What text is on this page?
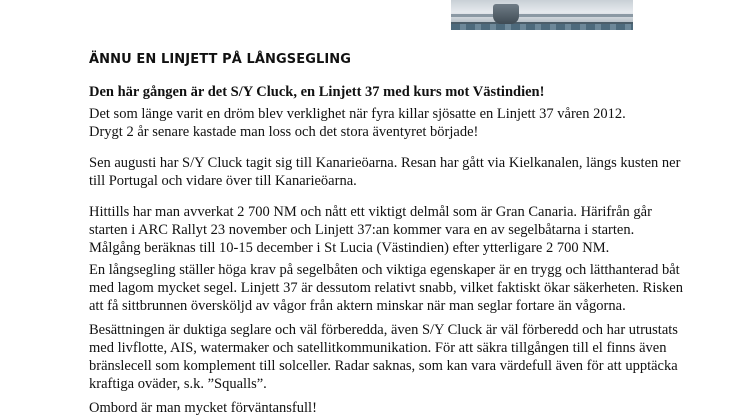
ÄNNU EN LINJETT PÅ LÅNGSEGLING

Den här gången är det S/Y Cluck, en Linjett 37 med kurs mot Västindien!

Det som länge varit en dröm blev verklighet när fyra killar sjösatte en Linjett 37 våren 2012.
Drygt 2 år senare kastade man loss och det stora äventyret började!

Sen augusti har S/Y Cluck tagit sig till Kanarieöarna. Resan har gått via Kielkanalen, längs kusten ner
till Portugal och vidare över till Kanarieöarna.

Hittills har man avverkat 2 700 NM och nått ett viktigt delmål som är Gran Canaria. Härifrån går
starten i ARC Rallyt 23 november och Linjett 37:an kommer vara en av segelbåtarna i starten.
Målgång beräknas till 10-15 december i St Lucia (Västindien) efter ytterligare 2 700 NM.

En långsegling ställer höga krav på segelbåten och viktiga egenskaper är en trygg och lätthanterad båt
med lagom mycket segel. Linjett 37 är dessutom relativt snabb, vilket faktiskt ökar säkerheten. Risken
att få sittbrunnen översköljd av vågor från aktern minskar när man seglar fortare än vågorna.

Besättningen är duktiga seglare och väl förberedda, även S/Y Cluck är väl förberedd och har utrustats
med livflotte, AIS, watermaker och satellitkommunikation. För att säkra tillgången till el finns även
bränslecell som komplement till solceller. Radar saknas, som kan vara värdefull även för att upptäcka
kraftiga oväder, s.k. ”Squalls”.

Ombord är man mycket förväntansfull!
